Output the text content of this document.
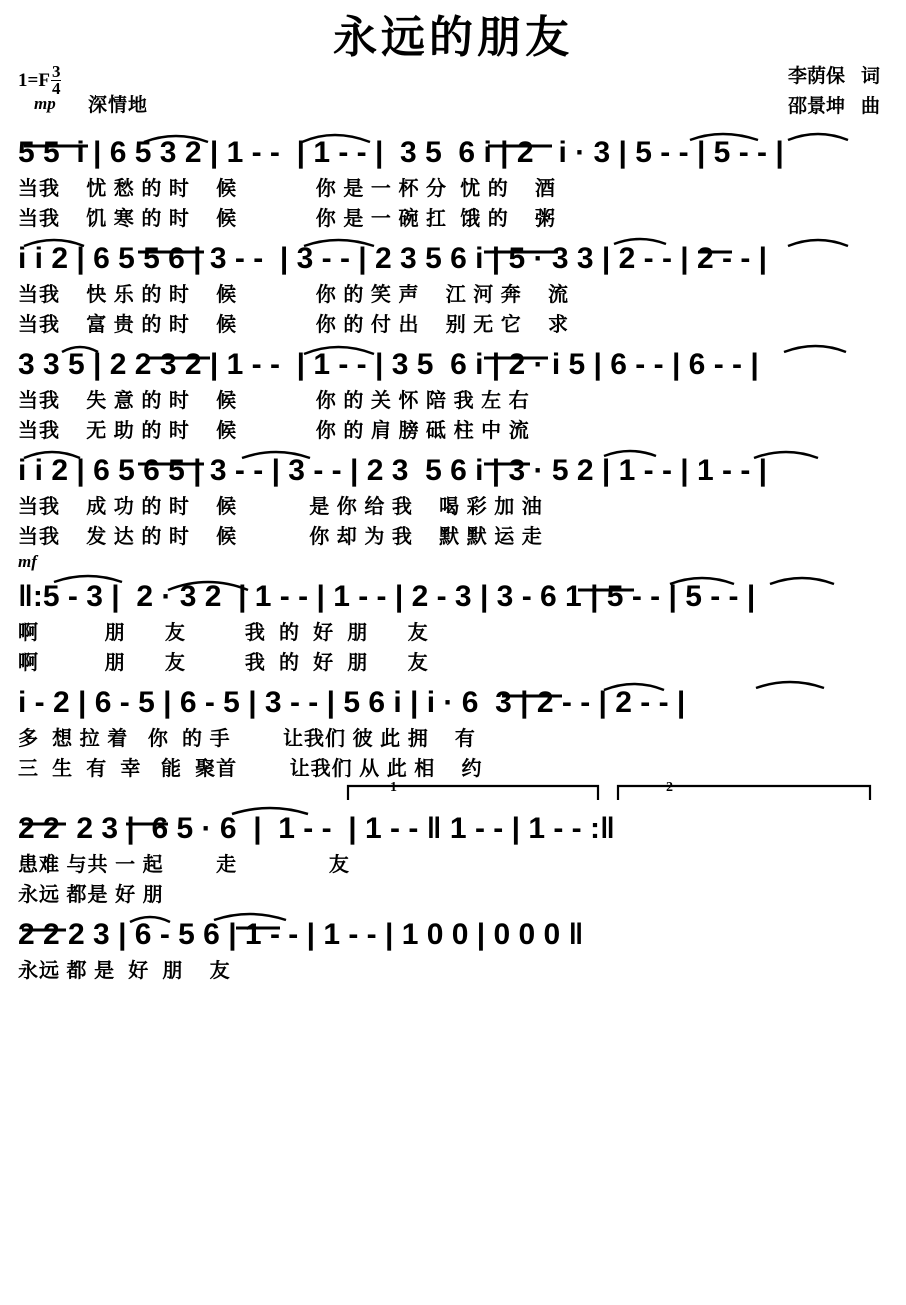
永远的朋友
$1=F \frac{3}{4}$
mp 深情地
李荫保 词
邵景坤 曲

5 5  i | 6 5 3 2 | 1 - -  | 1 - - |  3 5  6 i | 2   i · 3 | 5 - - | 5 - - |

当我    忧 愁 的 时    候            你 是 一 杯 分  忧 的    酒

当我    饥 寒 的 时    候            你 是 一 碗 扛  饿 的    粥

i i 2 | 6 5 5 6 | 3 - -  | 3 - - | 2 3 5 6 i | 5 · 3 3 | 2 - - | 2 - - |

当我    快 乐 的 时    候            你 的 笑 声    江 河 奔    流

当我    富 贵 的 时    候            你 的 付 出    别 无 它    求

3 3 5 | 2 2 3 2 | 1 - -  | 1 - - | 3 5  6 i | 2 · i 5 | 6 - - | 6 - - |

当我    失 意 的 时    候            你 的 关 怀 陪 我 左 右

当我    无 助 的 时    候            你 的 肩 膀 砥 柱 中 流

i i 2 | 6 5 6 5 | 3 - - | 3 - - | 2 3  5 6 i | 3 · 5 2 | 1 - - | 1 - - |

当我    成 功 的 时    候           是 你 给 我    喝 彩 加 油

当我    发 达 的 时    候           你 却 为 我    默 默 运 走

mf

‖:5 - 3 |  2 · 3 2  | 1 - - | 1 - - | 2 - 3 | 3 - 6 1 | 5 - - | 5 - - |

啊          朋      友         我  的  好  朋      友

啊          朋      友         我  的  好  朋      友

i - 2 | 6 - 5 | 6 - 5 | 3 - - | 5 6 i | i · 6  3 | 2 - - | 2 - - |

多  想 拉 着   你  的 手        让我们 彼 此 拥    有

三  生  有  幸   能  聚首        让我们 从 此 相    约

1	2

2 2  2 3 |  6 5 · 6  |  1 - -  | 1 - - ‖ 1 - - | 1 - - :‖

患难 与共 一 起        走              友

永远 都是 好 朋

2 2 2 3 | 6 - 5 6 | 1 - - | 1 - - | 1 0 0 | 0 0 0 ‖

永远 都 是  好  朋    友
